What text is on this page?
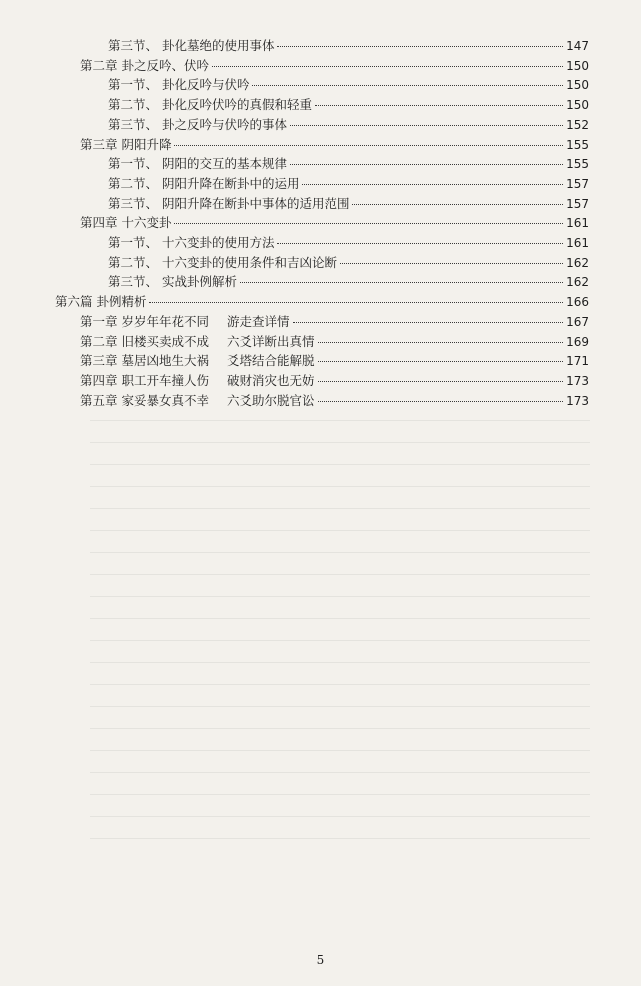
第三节、 卦化墓绝的使用事体	147
第二章 卦之反吟、伏吟	150
第一节、 卦化反吟与伏吟	150
第二节、 卦化反吟伏吟的真假和轻重	150
第三节、 卦之反吟与伏吟的事体	152
第三章 阴阳升降	155
第一节、 阴阳的交互的基本规律	155
第二节、 阴阳升降在断卦中的运用	157
第三节、 阴阳升降在断卦中事体的适用范围	157
第四章 十六变卦	161
第一节、 十六变卦的使用方法	161
第二节、 十六变卦的使用条件和吉凶论断	162
第三节、 实战卦例解析	162
第六篇 卦例精析	166
第一章 岁岁年年花不同	游走查详情	167
第二章 旧楼买卖成不成	六爻详断出真情	169
第三章 墓居凶地生大祸	爻塔结合能解脱	171
第四章 职工开车撞人伤	破财消灾也无妨	173
第五章 家妥暴女真不幸	六爻助尔脱官讼	173
5
